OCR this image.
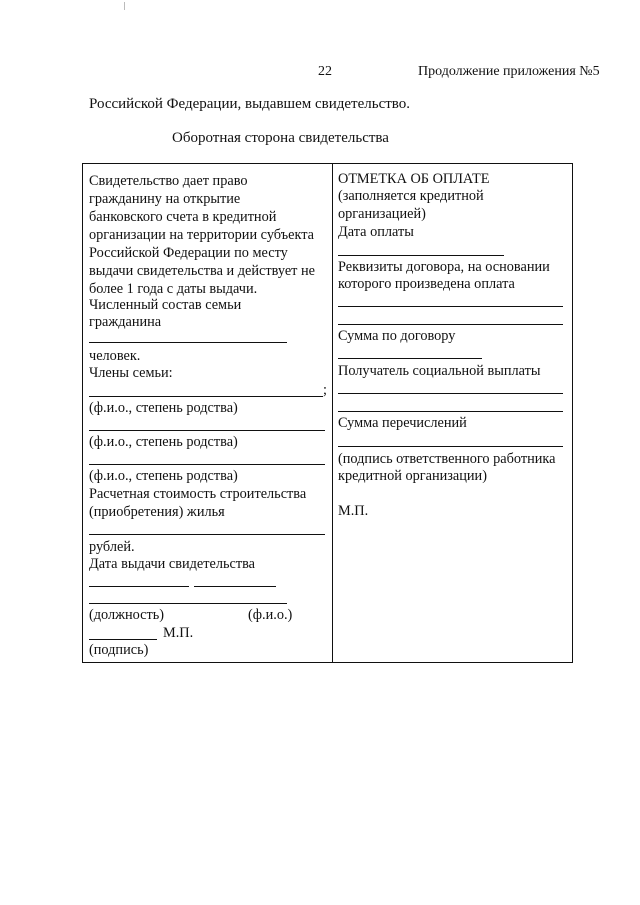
22	Продолжение приложения №5
Российской Федерации, выдавшем свидетельство.
Оборотная сторона свидетельства
Свидетельство дает право
гражданину на открытие
банковского счета в кредитной
организации на территории субъекта
Российской Федерации по месту
выдачи свидетельства и действует не
более 1 года с даты выдачи.
Численный состав семьи
гражданина
человек.
Члены семьи:
;
(ф.и.о., степень родства)
(ф.и.о., степень родства)
(ф.и.о., степень родства)
Расчетная стоимость строительства
(приобретения) жилья
рублей.
Дата выдачи свидетельства
(должность)	(ф.и.о.)
М.П.
(подпись)
ОТМЕТКА ОБ ОПЛАТЕ
(заполняется кредитной
организацией)
Дата оплаты
Реквизиты договора, на основании
которого произведена оплата
Сумма по договору
Получатель социальной выплаты
Сумма перечислений
(подпись ответственного работника
кредитной организации)
М.П.
